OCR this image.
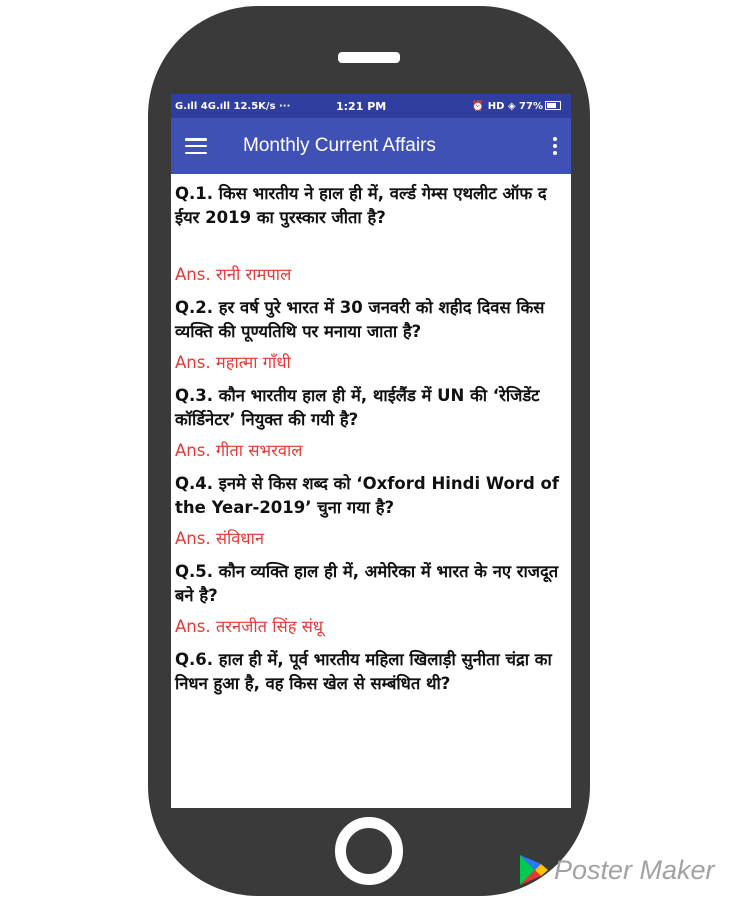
G.ıll 4G.ıll 12.5K/s ···	1:21 PM	⏰ HD ◈ 77%
Monthly Current Affairs

Q.1. किस भारतीय ने हाल ही में, वर्ल्ड गेम्स एथलीट ऑफ द ईयर 2019 का पुरस्कार जीता है?

Ans. रानी रामपाल

Q.2. हर वर्ष पुरे भारत में 30 जनवरी को शहीद दिवस किस व्यक्ति की पूण्यतिथि पर मनाया जाता है?

Ans. महात्मा गाँधी

Q.3. कौन भारतीय हाल ही में, थाईलैंड में UN की ‘रेजिडेंट कॉर्डिनेटर’ नियुक्त की गयी है?

Ans. गीता सभरवाल

Q.4. इनमे से किस शब्द को ‘Oxford Hindi Word of the Year-2019’ चुना गया है?

Ans. संविधान

Q.5. कौन व्यक्ति हाल ही में, अमेरिका में भारत के नए राजदूत बने है?

Ans. तरनजीत सिंह संधू

Q.6. हाल ही में, पूर्व भारतीय महिला खिलाड़ी सुनीता चंद्रा का निधन हुआ है, वह किस खेल से सम्बंधित थी?

Poster Maker
